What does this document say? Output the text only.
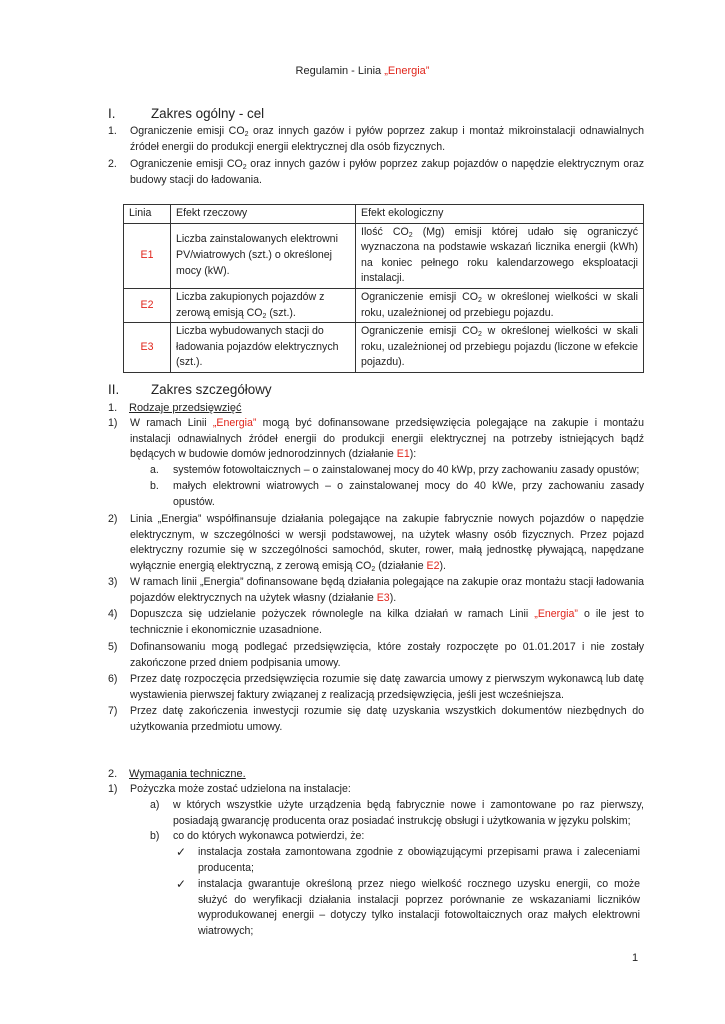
Regulamin - Linia „Energia”
I.	Zakres ogólny - cel
1. Ograniczenie emisji $CO_2$ oraz innych gazów i pyłów poprzez zakup i montaż mikroinstalacji odnawialnych źródeł energii do produkcji energii elektrycznej dla osób fizycznych.
2. Ograniczenie emisji $CO_2$ oraz innych gazów i pyłów poprzez zakup pojazdów o napędzie elektrycznym oraz budowy stacji do ładowania.
Linia	Efekt rzeczowy	Efekt ekologiczny
E1	Liczba zainstalowanych elektrowni PV/wiatrowych (szt.) o określonej mocy (kW).	Ilość $CO_2$ (Mg) emisji której udało się ograniczyć wyznaczona na podstawie wskazań licznika energii (kWh) na koniec pełnego roku kalendarzowego eksploatacji instalacji.
E2	Liczba zakupionych pojazdów z zerową emisją $CO_2$ (szt.).	Ograniczenie emisji $CO_2$ w określonej wielkości w skali roku, uzależnionej od przebiegu pojazdu.
E3	Liczba wybudowanych stacji do ładowania pojazdów elektrycznych (szt.).	Ograniczenie emisji $CO_2$ w określonej wielkości w skali roku, uzależnionej od przebiegu pojazdu (liczone w efekcie pojazdu).
II. Zakres szczegółowy
1. Rodzaje przedsięwzięć
1) W ramach Linii „Energia” mogą być dofinansowane przedsięwzięcia polegające na zakupie i montażu instalacji odnawialnych źródeł energii do produkcji energii elektrycznej na potrzeby istniejących bądź będących w budowie domów jednorodzinnych (działanie E1):
a. systemów fotowoltaicznych – o zainstalowanej mocy do 40 kWp, przy zachowaniu zasady opustów;
b. małych elektrowni wiatrowych – o zainstalowanej mocy do 40 kWe, przy zachowaniu zasady opustów.
2) Linia „Energia” współfinansuje działania polegające na zakupie fabrycznie nowych pojazdów o napędzie elektrycznym, w szczególności w wersji podstawowej, na użytek własny osób fizycznych. Przez pojazd elektryczny rozumie się w szczególności samochód, skuter, rower, małą jednostkę pływającą, napędzane wyłącznie energią elektryczną, z zerową emisją $CO_2$ (działanie E2).
3) W ramach linii „Energia” dofinansowane będą działania polegające na zakupie oraz montażu stacji ładowania pojazdów elektrycznych na użytek własny (działanie E3).
4) Dopuszcza się udzielanie pożyczek równolegle na kilka działań w ramach Linii „Energia” o ile jest to technicznie i ekonomicznie uzasadnione.
5) Dofinansowaniu mogą podlegać przedsięwzięcia, które zostały rozpoczęte po 01.01.2017 i nie zostały zakończone przed dniem podpisania umowy.
6) Przez datę rozpoczęcia przedsięwzięcia rozumie się datę zawarcia umowy z pierwszym wykonawcą lub datę wystawienia pierwszej faktury związanej z realizacją przedsięwzięcia, jeśli jest wcześniejsza.
7) Przez datę zakończenia inwestycji rozumie się datę uzyskania wszystkich dokumentów niezbędnych do użytkowania przedmiotu umowy.
2. Wymagania techniczne.
1) Pożyczka może zostać udzielona na instalacje:
a) w których wszystkie użyte urządzenia będą fabrycznie nowe i zamontowane po raz pierwszy, posiadają gwarancję producenta oraz posiadać instrukcję obsługi i użytkowania w języku polskim;
b) co do których wykonawca potwierdzi, że:
✓ instalacja została zamontowana zgodnie z obowiązującymi przepisami prawa i zaleceniami producenta;
✓ instalacja gwarantuje określoną przez niego wielkość rocznego uzysku energii, co może służyć do weryfikacji działania instalacji poprzez porównanie ze wskazaniami liczników wyprodukowanej energii – dotyczy tylko instalacji fotowoltaicznych oraz małych elektrowni wiatrowych;
1
